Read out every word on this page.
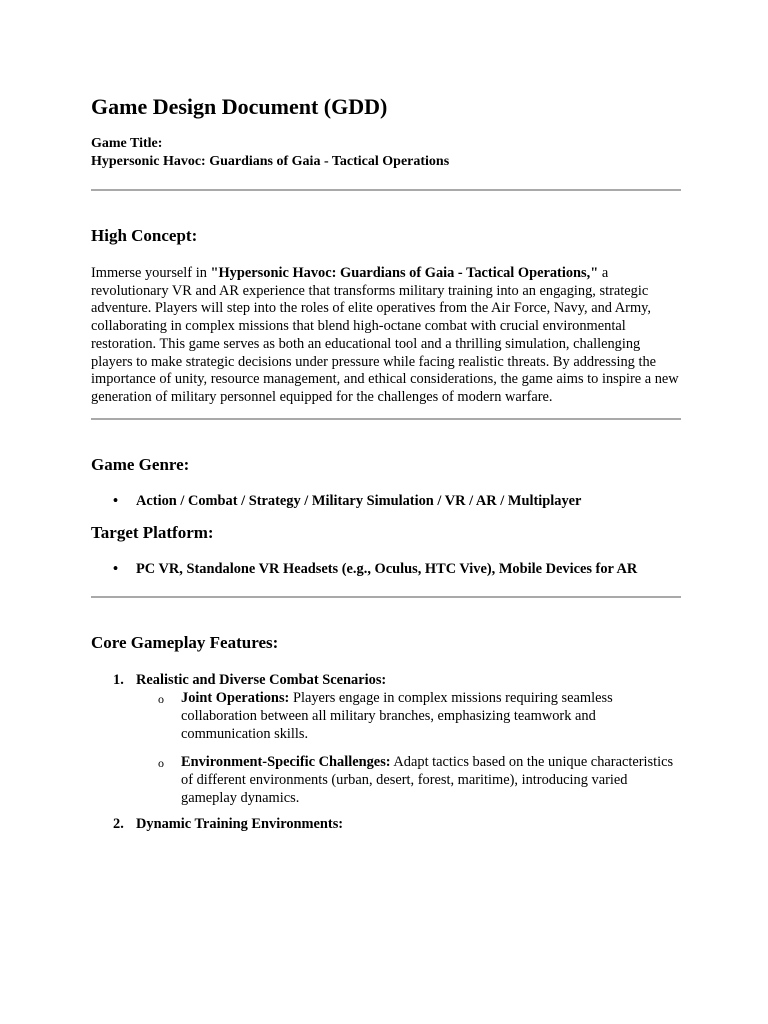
Game Design Document (GDD)
Game Title:
Hypersonic Havoc: Guardians of Gaia - Tactical Operations
High Concept:

Immerse yourself in "Hypersonic Havoc: Guardians of Gaia - Tactical Operations," a revolutionary VR and AR experience that transforms military training into an engaging, strategic adventure. Players will step into the roles of elite operatives from the Air Force, Navy, and Army, collaborating in complex missions that blend high-octane combat with crucial environmental restoration. This game serves as both an educational tool and a thrilling simulation, challenging players to make strategic decisions under pressure while facing realistic threats. By addressing the importance of unity, resource management, and ethical considerations, the game aims to inspire a new generation of military personnel equipped for the challenges of modern warfare.

Game Genre:
• Action / Combat / Strategy / Military Simulation / VR / AR / Multiplayer
Target Platform:
• PC VR, Standalone VR Headsets (e.g., Oculus, HTC Vive), Mobile Devices for AR
Core Gameplay Features:
1. Realistic and Diverse Combat Scenarios:
o Joint Operations: Players engage in complex missions requiring seamless collaboration between all military branches, emphasizing teamwork and communication skills.
o Environment-Specific Challenges: Adapt tactics based on the unique characteristics of different environments (urban, desert, forest, maritime), introducing varied gameplay dynamics.
2. Dynamic Training Environments:
